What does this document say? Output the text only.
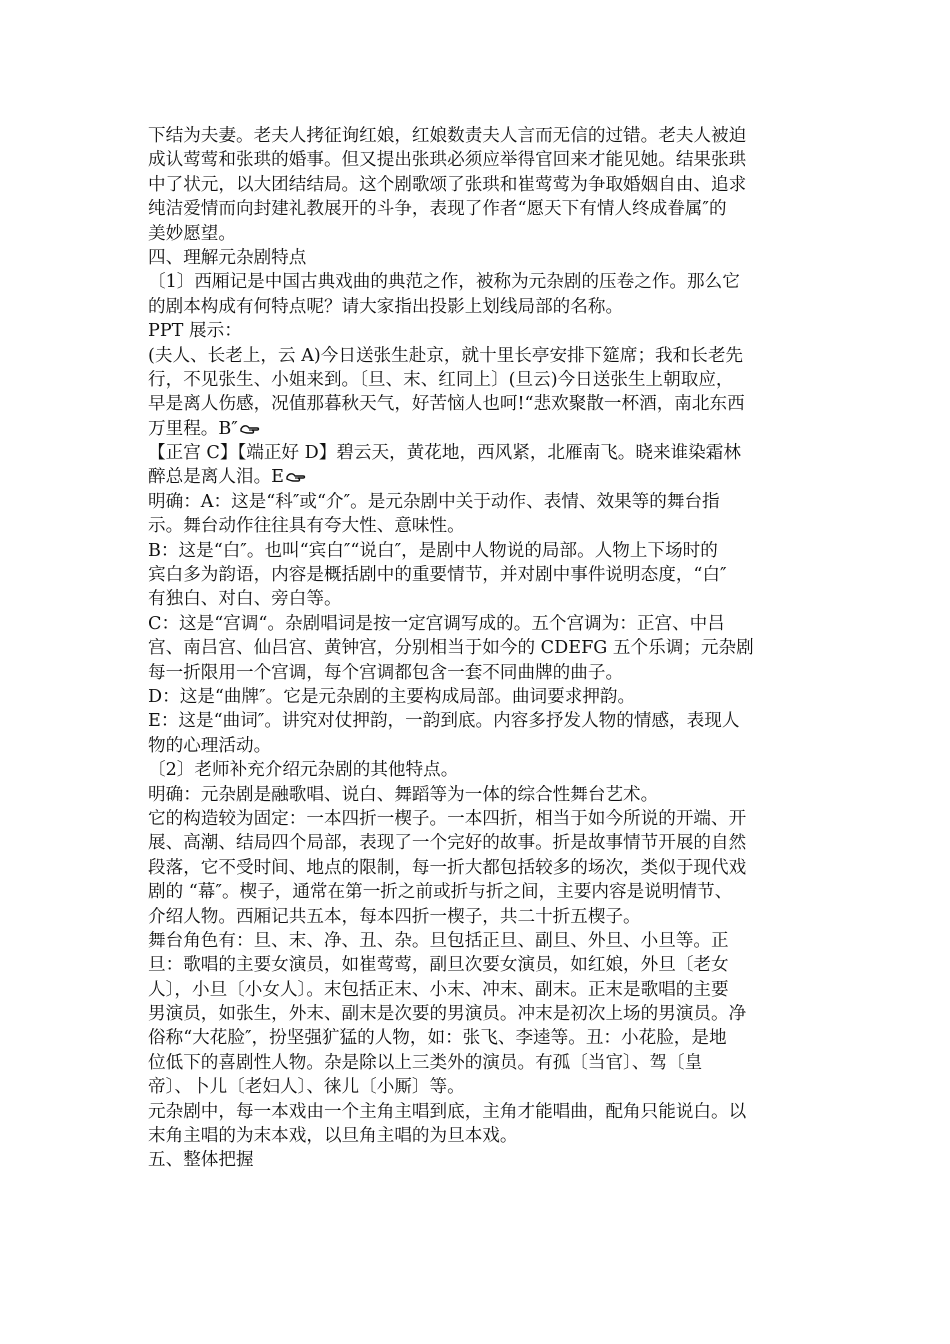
下结为夫妻。老夫人拷征询红娘，红娘数责夫人言而无信的过错。老夫人被迫
成认莺莺和张珙的婚事。但又提出张珙必须应举得官回来才能见她。结果张珙
中了状元，以大团结结局。这个剧歌颂了张珙和崔莺莺为争取婚姻自由、追求
纯洁爱情而向封建礼教展开的斗争，表现了作者“愿天下有情人终成眷属″的
美妙愿望。
四、理解元杂剧特点
〔1〕西厢记是中国古典戏曲的典范之作，被称为元杂剧的压卷之作。那么它
的剧本构成有何特点呢？请大家指出投影上划线局部的名称。
PPT 展示：
(夫人、长老上，云 A)今日送张生赴京，就十里长亭安排下筵席；我和长老先
行，不见张生、小姐来到。〔旦、末、红同上〕(旦云)今日送张生上朝取应，
早是离人伤感，况值那暮秋天气，好苦恼人也呵!“悲欢聚散一杯酒，南北东西
万里程。B″
【正宫 C】【端正好 D】碧云天，黄花地，西风紧，北雁南飞。晓来谁染霜林
醉总是离人泪。E
明确：A：这是“科″或“介″。是元杂剧中关于动作、表情、效果等的舞台指
示。舞台动作往往具有夸大性、意味性。
B：这是“白″。也叫“宾白″“说白″，是剧中人物说的局部。人物上下场时的
宾白多为韵语，内容是概括剧中的重要情节，并对剧中事件说明态度，“白″
有独白、对白、旁白等。
C：这是“宫调“。杂剧唱词是按一定宫调写成的。五个宫调为：正宫、中吕
宫、南吕宫、仙吕宫、黄钟宫，分别相当于如今的 CDEFG 五个乐调；元杂剧
每一折限用一个宫调，每个宫调都包含一套不同曲牌的曲子。
D：这是“曲牌″。它是元杂剧的主要构成局部。曲词要求押韵。
E：这是“曲词″。讲究对仗押韵，一韵到底。内容多抒发人物的情感，表现人
物的心理活动。
〔2〕老师补充介绍元杂剧的其他特点。
明确：元杂剧是融歌唱、说白、舞蹈等为一体的综合性舞台艺术。
它的构造较为固定：一本四折一楔子。一本四折，相当于如今所说的开端、开
展、高潮、结局四个局部，表现了一个完好的故事。折是故事情节开展的自然
段落，它不受时间、地点的限制，每一折大都包括较多的场次，类似于现代戏
剧的 “幕″。楔子，通常在第一折之前或折与折之间，主要内容是说明情节、
介绍人物。西厢记共五本，每本四折一楔子，共二十折五楔子。
舞台角色有：旦、末、净、丑、杂。旦包括正旦、副旦、外旦、小旦等。正
旦：歌唱的主要女演员，如崔莺莺，副旦次要女演员，如红娘，外旦〔老女
人〕，小旦〔小女人〕。末包括正末、小末、冲末、副末。正末是歌唱的主要
男演员，如张生，外末、副末是次要的男演员。冲末是初次上场的男演员。净
俗称“大花脸″，扮坚强犷猛的人物，如：张飞、李逵等。丑：小花脸，是地
位低下的喜剧性人物。杂是除以上三类外的演员。有孤〔当官〕、驾〔皇
帝〕、卜儿〔老妇人〕、徕儿〔小厮〕等。
元杂剧中，每一本戏由一个主角主唱到底，主角才能唱曲，配角只能说白。以
末角主唱的为末本戏，以旦角主唱的为旦本戏。
五、整体把握
